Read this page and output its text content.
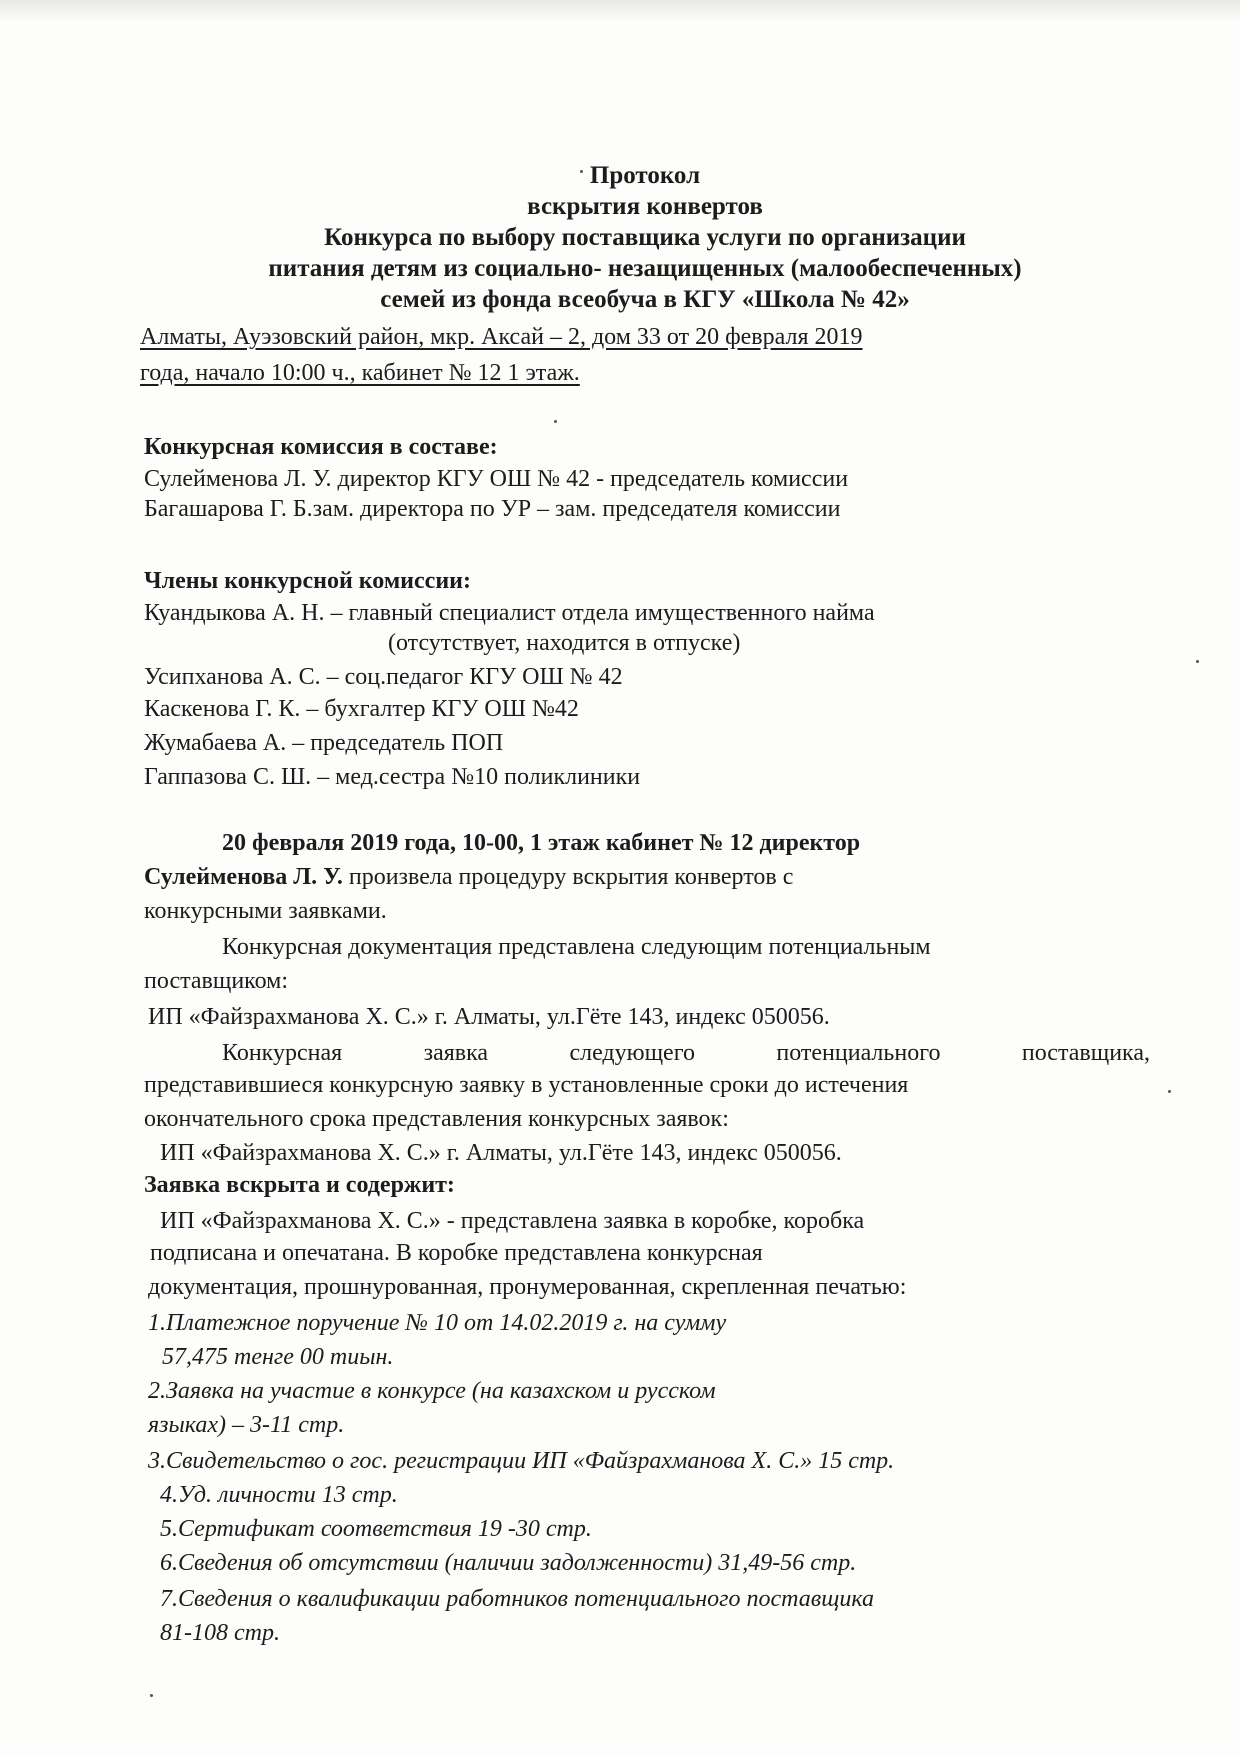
Протокол
вскрытия конвертов
Конкурса по выбору поставщика услуги по организации
питания детям из социально- незащищенных (малообеспеченных)
семей из фонда всеобуча в КГУ «Школа № 42»
Алматы, Ауэзовский район, мкр. Аксай – 2, дом 33 от 20 февраля 2019
года, начало 10:00 ч., кабинет № 12 1 этаж.
Конкурсная комиссия в составе:
Сулейменова Л. У. директор КГУ ОШ № 42 - председатель комиссии
Багашарова Г. Б.зам. директора по УР – зам. председателя комиссии
Члены конкурсной комиссии:
Куандыкова А. Н. – главный специалист отдела имущественного найма
(отсутствует, находится в отпуске)
Усипханова А. С. – соц.педагог КГУ ОШ № 42
Каскенова Г. К. – бухгалтер КГУ ОШ №42
Жумабаева А. – председатель ПОП
Гаппазова С. Ш. – мед.сестра №10 поликлиники
20 февраля 2019 года, 10-00, 1 этаж кабинет № 12 директор
Сулейменова Л. У. произвела процедуру вскрытия конвертов с
конкурсными заявками.
Конкурсная документация представлена следующим потенциальным
поставщиком:
ИП «Файзрахманова Х. С.» г. Алматы, ул.Гёте 143, индекс 050056.
Конкурсная заявка следующего потенциального поставщика,
представившиеся конкурсную заявку в установленные сроки до истечения
окончательного срока представления конкурсных заявок:
ИП «Файзрахманова Х. С.» г. Алматы, ул.Гёте 143, индекс 050056.
Заявка вскрыта и содержит:
ИП «Файзрахманова Х. С.» - представлена заявка в коробке, коробка
подписана и опечатана. В коробке представлена конкурсная
документация, прошнурованная, пронумерованная, скрепленная печатью:
1.Платежное поручение № 10 от 14.02.2019 г. на сумму
57,475 тенге 00 тиын.
2.Заявка на участие в конкурсе (на казахском и русском
языках) – 3-11 стр.
3.Свидетельство о гос. регистрации ИП «Файзрахманова Х. С.» 15 стр.
4.Уд. личности 13 стр.
5.Сертификат соответствия 19 -30 стр.
6.Сведения об отсутствии (наличии задолженности) 31,49-56 стр.
7.Сведения о квалификации работников потенциального поставщика
81-108 стр.
